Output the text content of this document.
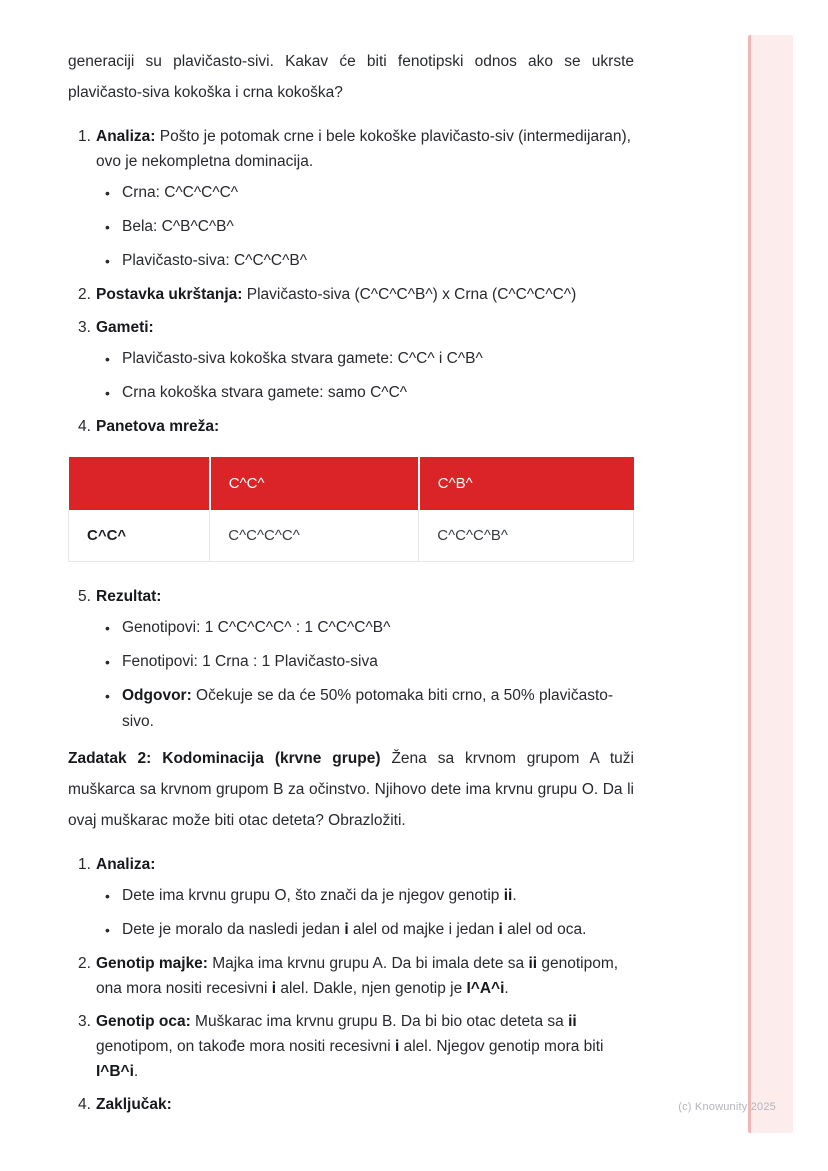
(c) Knowunity 2025
generaciji su plavičasto-sivi. Kakav će biti fenotipski odnos ako se ukrste plavičasto-siva kokoška i crna kokoška?
1. Analiza: Pošto je potomak crne i bele kokoške plavičasto-siv (intermedijaran), ovo je nekompletna dominacija.
• Crna: C^C^C^C^
• Bela: C^B^C^B^
• Plavičasto-siva: C^C^C^B^
2. Postavka ukrštanja: Plavičasto-siva (C^C^C^B^) x Crna (C^C^C^C^)
3. Gameti:
• Plavičasto-siva kokoška stvara gamete: C^C^ i C^B^
• Crna kokoška stvara gamete: samo C^C^
4. Panetova mreža:
	C^C^	C^B^
C^C^	C^C^C^C^	C^C^C^B^
5. Rezultat:
• Genotipovi: 1 C^C^C^C^ : 1 C^C^C^B^
• Fenotipovi: 1 Crna : 1 Plavičasto-siva
• Odgovor: Očekuje se da će 50% potomaka biti crno, a 50% plavičasto-sivo.
Zadatak 2: Kodominacija (krvne grupe) Žena sa krvnom grupom A tuži muškarca sa krvnom grupom B za očinstvo. Njihovo dete ima krvnu grupu O. Da li ovaj muškarac može biti otac deteta? Obrazložiti.
1. Analiza:
• Dete ima krvnu grupu O, što znači da je njegov genotip ii.
• Dete je moralo da nasledi jedan i alel od majke i jedan i alel od oca.
2. Genotip majke: Majka ima krvnu grupu A. Da bi imala dete sa ii genotipom, ona mora nositi recesivni i alel. Dakle, njen genotip je I^A^i.
3. Genotip oca: Muškarac ima krvnu grupu B. Da bi bio otac deteta sa ii genotipom, on takođe mora nositi recesivni i alel. Njegov genotip mora biti I^B^i.
4. Zaključak:
